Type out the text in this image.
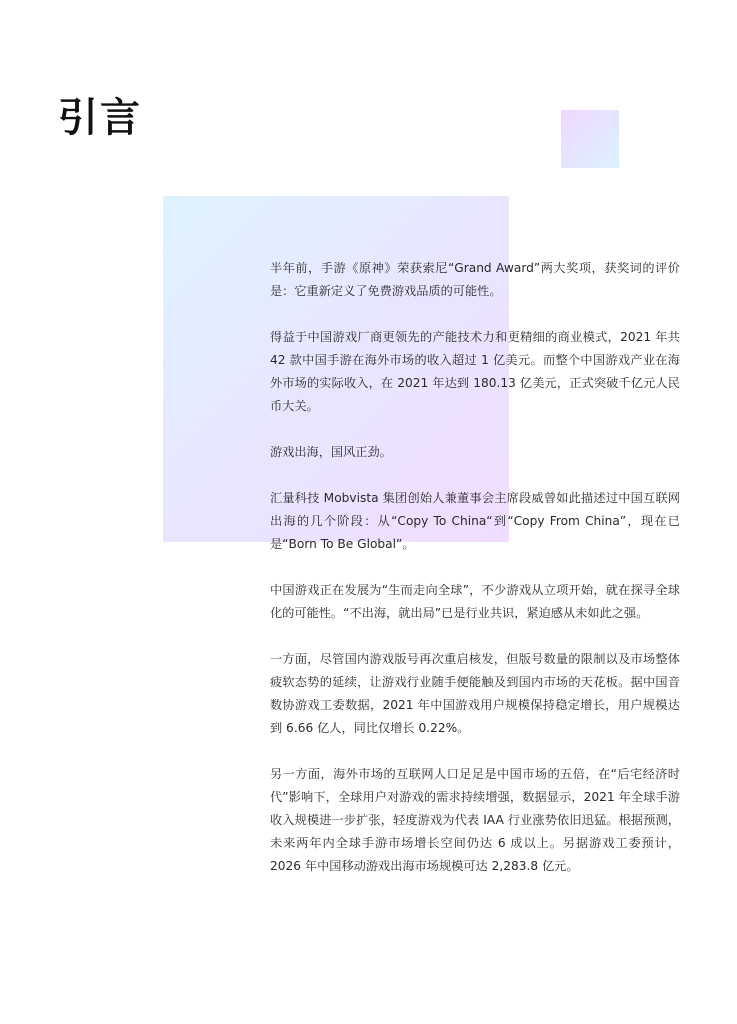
引言

半年前，手游《原神》荣获索尼“Grand Award”两大奖项，获奖词的评价是：它重新定义了免费游戏品质的可能性。

得益于中国游戏厂商更领先的产能技术力和更精细的商业模式，2021 年共 42 款中国手游在海外市场的收入超过 1 亿美元。而整个中国游戏产业在海外市场的实际收入，在 2021 年达到 180.13 亿美元，正式突破千亿元人民币大关。

游戏出海，国风正劲。

汇量科技 Mobvista 集团创始人兼董事会主席段威曾如此描述过中国互联网出海的几个阶段：从“Copy To China“到“Copy From China”，现在已是“Born To Be Global”。

中国游戏正在发展为“生而走向全球”，不少游戏从立项开始，就在探寻全球化的可能性。“不出海，就出局”已是行业共识，紧迫感从未如此之强。

一方面，尽管国内游戏版号再次重启核发，但版号数量的限制以及市场整体疲软态势的延续，让游戏行业随手便能触及到国内市场的天花板。据中国音数协游戏工委数据，2021 年中国游戏用户规模保持稳定增长，用户规模达到 6.66 亿人，同比仅增长 0.22%。

另一方面，海外市场的互联网人口足足是中国市场的五倍，在“后宅经济时代”影响下，全球用户对游戏的需求持续增强，数据显示，2021 年全球手游收入规模进一步扩张，轻度游戏为代表 IAA 行业涨势依旧迅猛。根据预测，未来两年内全球手游市场增长空间仍达 6 成以上。另据游戏工委预计，2026 年中国移动游戏出海市场规模可达 2,283.8 亿元。
